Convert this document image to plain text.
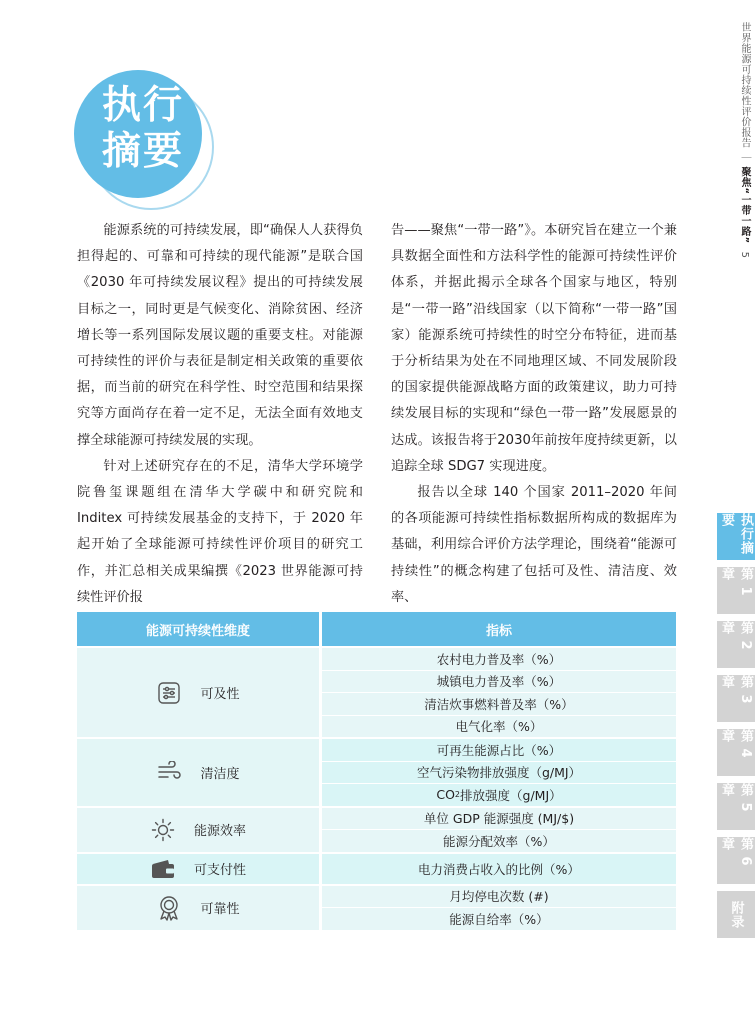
执行
摘要
世界能源可持续性评价报告｜聚焦“一带一路”5
执行摘要
第 1 章
第 2 章
第 3 章
第 4 章
第 5 章
第 6 章
附录

能源系统的可持续发展，即“确保人人获得负担得起的、可靠和可持续的现代能源”是联合国《2030 年可持续发展议程》提出的可持续发展目标之一，同时更是气候变化、消除贫困、经济增长等一系列国际发展议题的重要支柱。对能源可持续性的评价与表征是制定相关政策的重要依据，而当前的研究在科学性、时空范围和结果探究等方面尚存在着一定不足，无法全面有效地支撑全球能源可持续发展的实现。

针对上述研究存在的不足，清华大学环境学院鲁玺课题组在清华大学碳中和研究院和 Inditex 可持续发展基金的支持下，于 2020 年起开始了全球能源可持续性评价项目的研究工作，并汇总相关成果编撰《2023 世界能源可持续性评价报

告——聚焦“一带一路”》。本研究旨在建立一个兼具数据全面性和方法科学性的能源可持续性评价体系，并据此揭示全球各个国家与地区，特别是“一带一路”沿线国家（以下简称“一带一路”国家）能源系统可持续性的时空分布特征，进而基于分析结果为处在不同地理区域、不同发展阶段的国家提供能源战略方面的政策建议，助力可持续发展目标的实现和“绿色一带一路”发展愿景的达成。该报告将于2030年前按年度持续更新，以追踪全球 SDG7 实现进度。

报告以全球 140 个国家 2011–2020 年间的各项能源可持续性指标数据所构成的数据库为基础，利用综合评价方法学理论，围绕着“能源可持续性”的概念构建了包括可及性、清洁度、效率、

能源可持续性维度	指标
可及性
农村电力普及率（%）
城镇电力普及率（%）
清洁炊事燃料普及率（%）
电气化率（%）
清洁度
可再生能源占比（%）
空气污染物排放强度（g/MJ）
CO 2 排放强度（g/MJ）
能源效率
单位 GDP 能源强度 (MJ/$)
能源分配效率（%）
可支付性	电力消费占收入的比例（%）
可靠性
月均停电次数 (#)
能源自给率（%）
